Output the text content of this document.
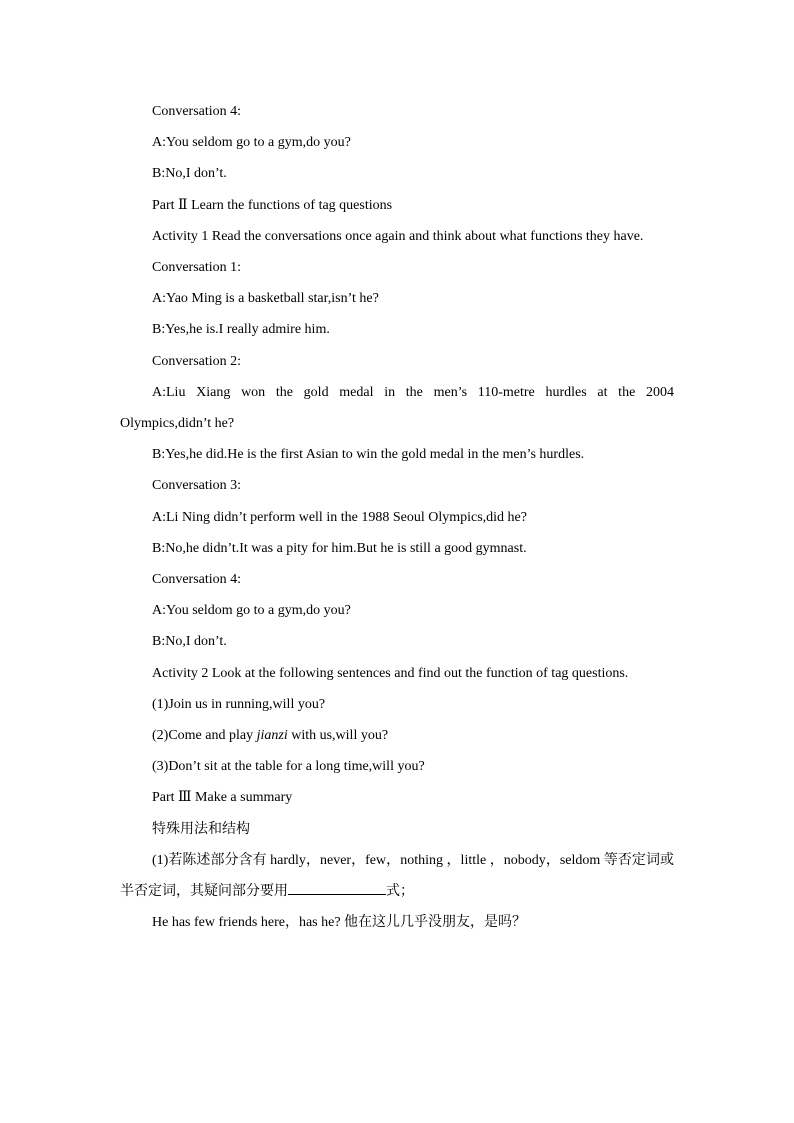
Conversation 4:

A:You seldom go to a gym,do you?

B:No,I don’t.

Part Ⅱ Learn the functions of tag questions

Activity 1 Read the conversations once again and think about what functions they have.

Conversation 1:

A:Yao Ming is a basketball star,isn’t he?

B:Yes,he is.I really admire him.

Conversation 2:

A:Liu Xiang won the gold medal in the men’s 110-metre hurdles at the 2004 Olympics,didn’t he?

B:Yes,he did.He is the first Asian to win the gold medal in the men’s hurdles.

Conversation 3:

A:Li Ning didn’t perform well in the 1988 Seoul Olympics,did he?

B:No,he didn’t.It was a pity for him.But he is still a good gymnast.

Conversation 4:

A:You seldom go to a gym,do you?

B:No,I don’t.

Activity 2 Look at the following sentences and find out the function of tag questions.

(1)Join us in running,will you?

(2)Come and play jianzi with us,will you?

(3)Don’t sit at the table for a long time,will you?

Part Ⅲ Make a summary

特殊用法和结构

(1)若陈述部分含有 hardly，never，few，nothing ，little ，nobody，seldom 等否定词或半否定词，其疑问部分要用	式；

He has few friends here，has he? 他在这儿几乎没朋友，是吗？
